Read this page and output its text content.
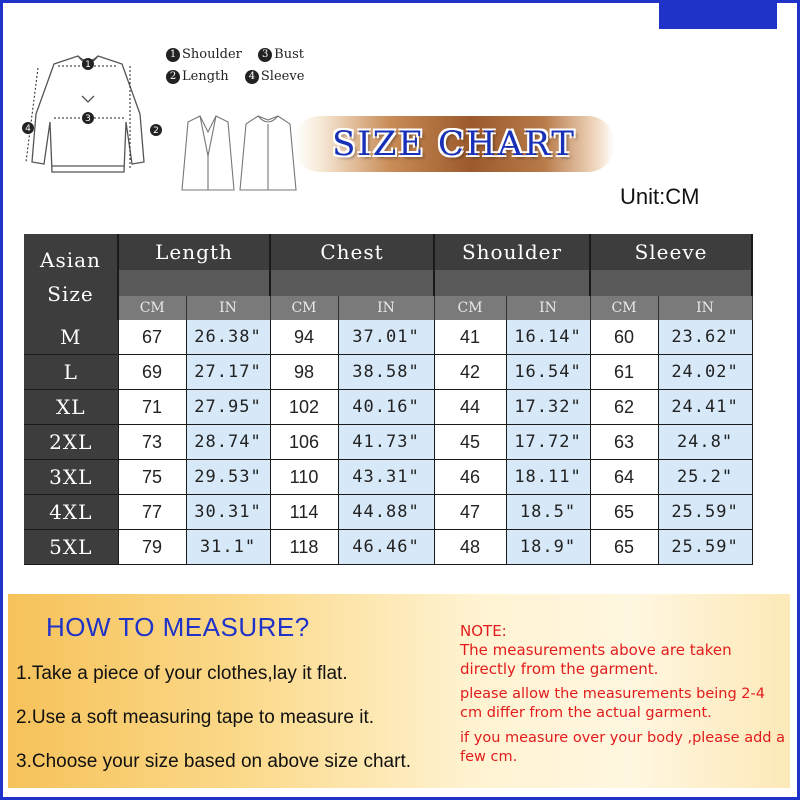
1
3
2
4
1 Shoulder 3 Bust
2 Length 4 Sleeve
SIZE CHART
Unit:CM
Asian
Size	Length		Chest		Shoulder		Sleeve	

	CM	IN	CM	IN	CM	IN	CM	IN
M	67	26.38"	94	37.01"	41	16.14"	60	23.62"
L	69	27.17"	98	38.58"	42	16.54"	61	24.02"
XL	71	27.95"	102	40.16"	44	17.32"	62	24.41"
2XL	73	28.74"	106	41.73"	45	17.72"	63	24.8"
3XL	75	29.53"	110	43.31"	46	18.11"	64	25.2"
4XL	77	30.31"	114	44.88"	47	18.5"	65	25.59"
5XL	79	31.1"	118	46.46"	48	18.9"	65	25.59"
HOW TO MEASURE?
1.Take a piece of your clothes,lay it flat.
2.Use a soft measuring tape to measure it.
3.Choose your size based on above size chart.
NOTE:
The measurements above are taken directly from the garment.
please allow the measurements being 2-4 cm differ from the actual garment.
if you measure over your body ,please add a few cm.
